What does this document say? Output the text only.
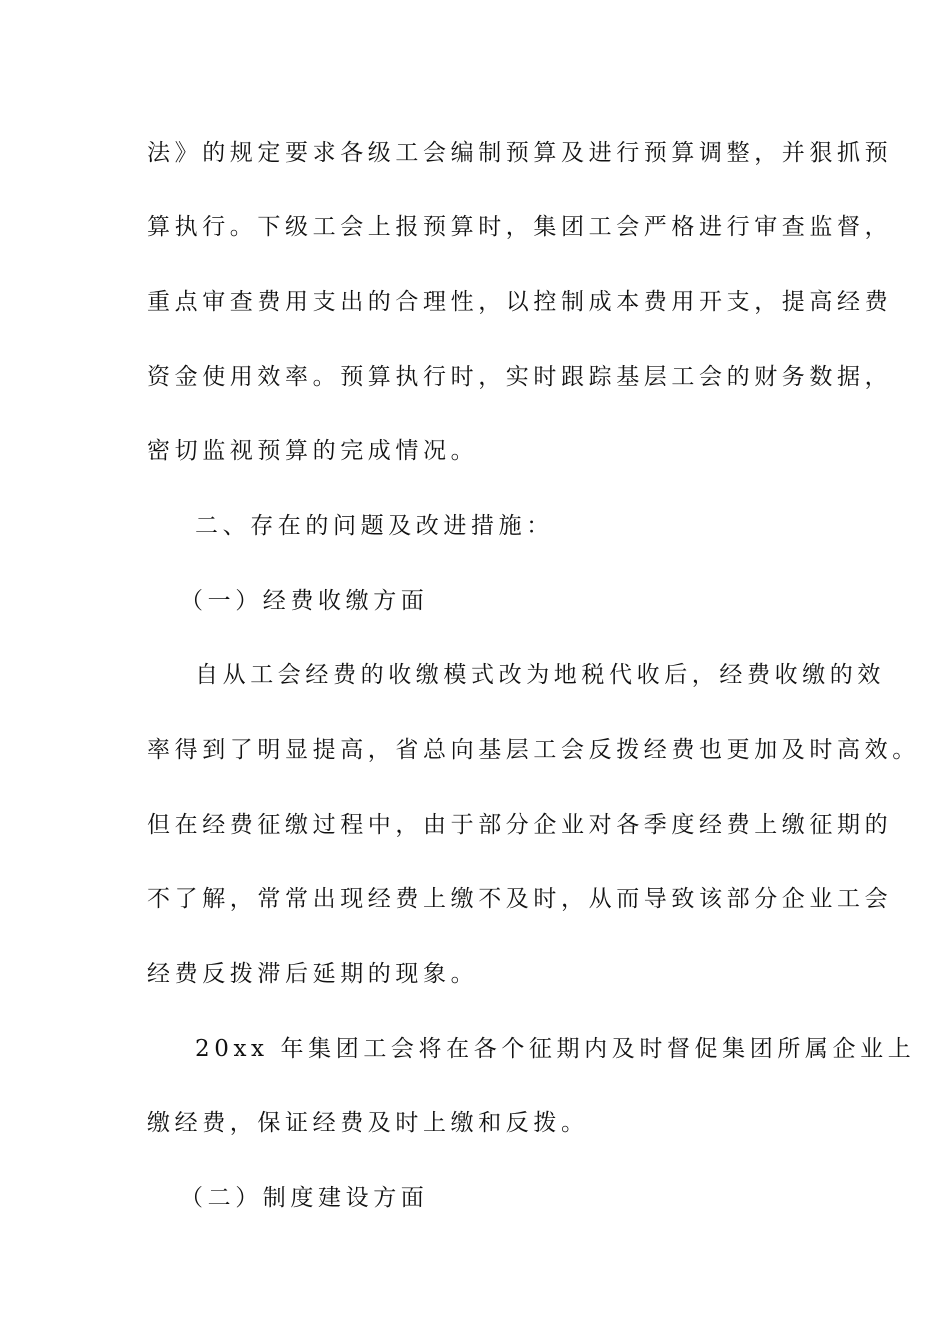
法》的规定要求各级工会编制预算及进行预算调整，并狠抓预
算执行。下级工会上报预算时，集团工会严格进行审查监督，
重点审查费用支出的合理性，以控制成本费用开支，提高经费
资金使用效率。预算执行时，实时跟踪基层工会的财务数据，
密切监视预算的完成情况。
二、存在的问题及改进措施：
（一）经费收缴方面
自从工会经费的收缴模式改为地税代收后，经费收缴的效
率得到了明显提高，省总向基层工会反拨经费也更加及时高效。
但在经费征缴过程中，由于部分企业对各季度经费上缴征期的
不了解，常常出现经费上缴不及时，从而导致该部分企业工会
经费反拨滞后延期的现象。
20xx 年集团工会将在各个征期内及时督促集团所属企业上
缴经费，保证经费及时上缴和反拨。
（二）制度建设方面
